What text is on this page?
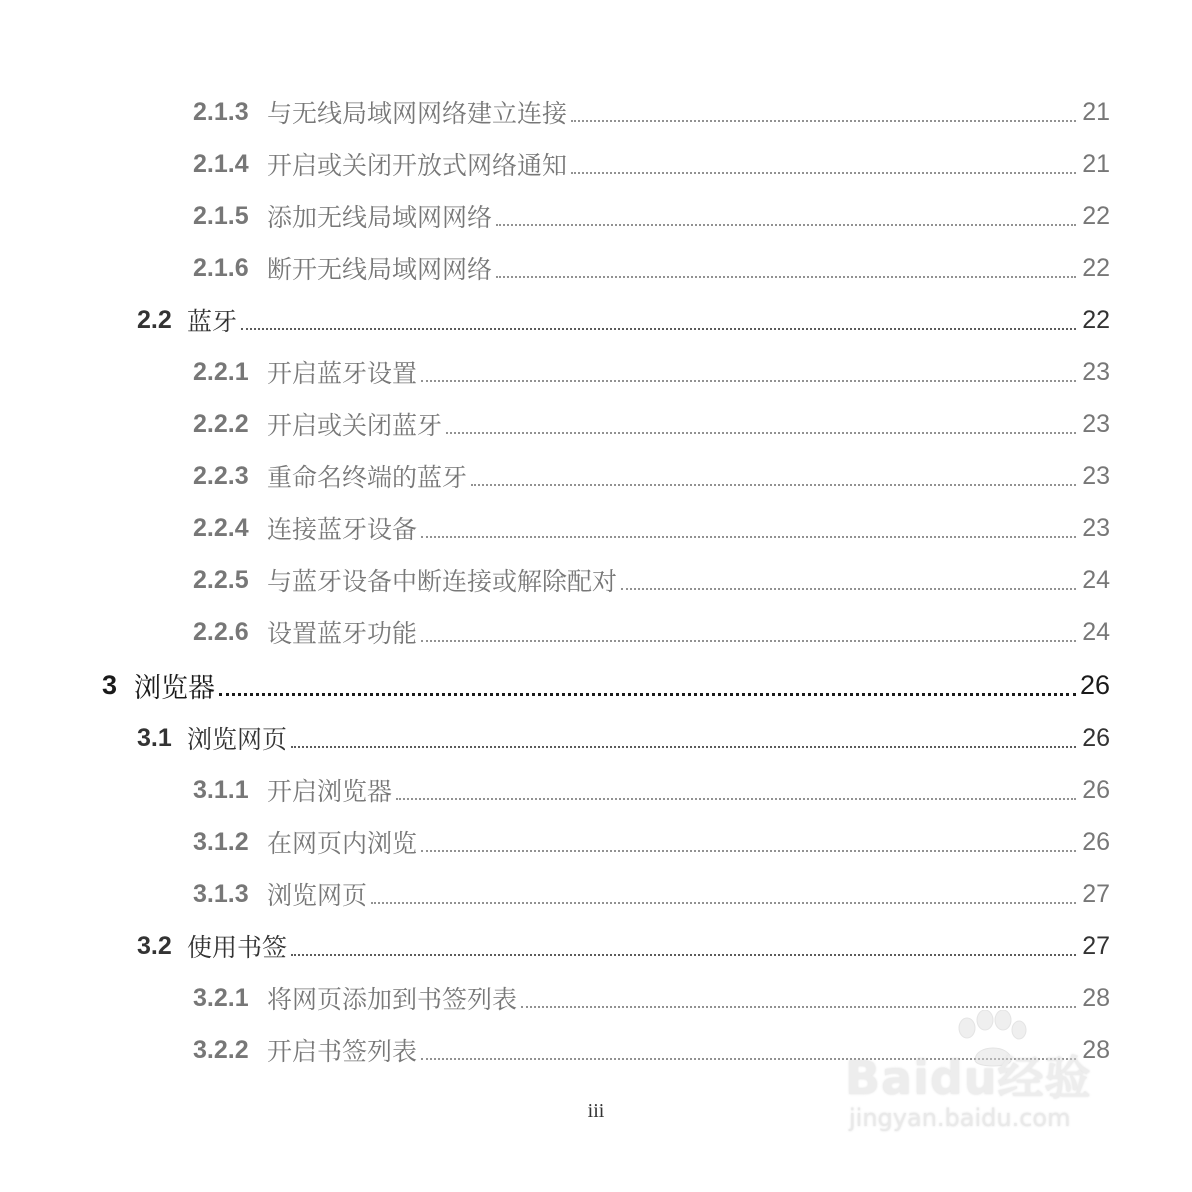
2.1.3 与无线局域网网络建立连接	21
2.1.4 开启或关闭开放式网络通知	21
2.1.5 添加无线局域网网络	22
2.1.6 断开无线局域网网络	22
2.2 蓝牙	22
2.2.1 开启蓝牙设置	23
2.2.2 开启或关闭蓝牙	23
2.2.3 重命名终端的蓝牙	23
2.2.4 连接蓝牙设备	23
2.2.5 与蓝牙设备中断连接或解除配对	24
2.2.6 设置蓝牙功能	24
3 浏览器	26
3.1 浏览网页	26
3.1.1 开启浏览器	26
3.1.2 在网页内浏览	26
3.1.3 浏览网页	27
3.2 使用书签	27
3.2.1 将网页添加到书签列表	28
3.2.2 开启书签列表	28
iii
Baidu经验
jingyan.baidu.com
